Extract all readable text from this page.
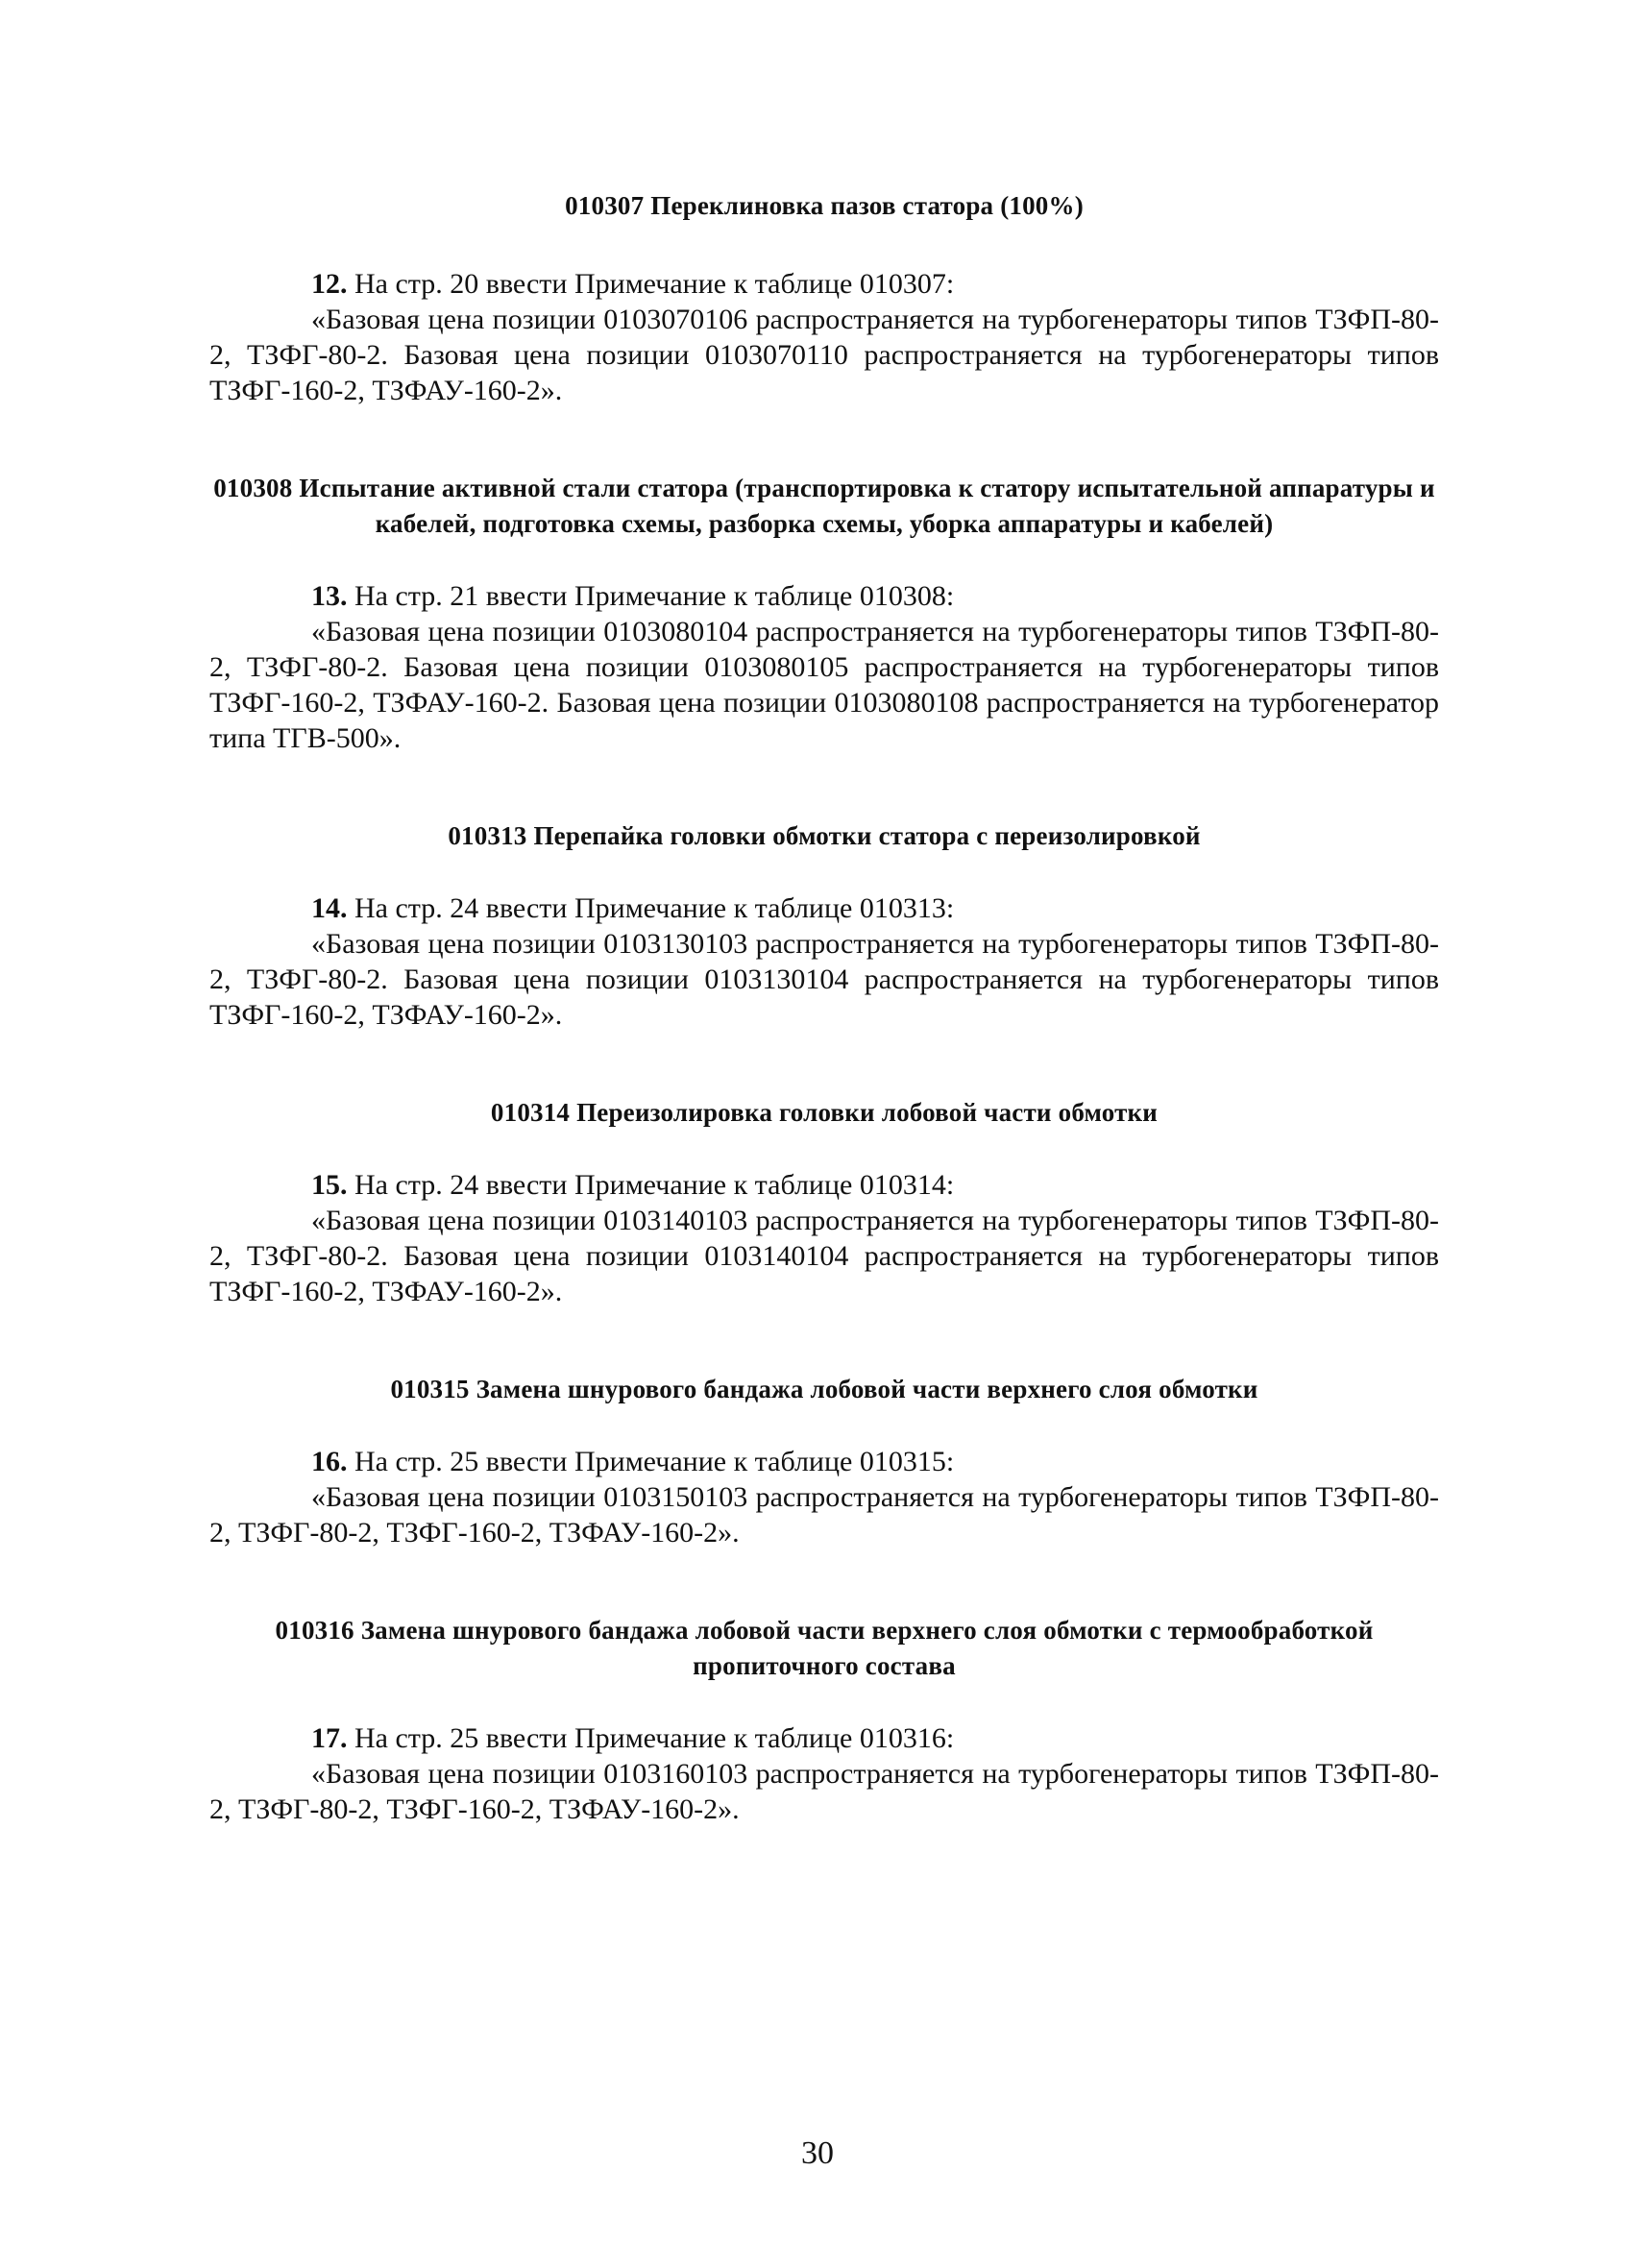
010307 Переклиновка пазов статора (100%)

12. На стр. 20 ввести Примечание к таблице 010307:

«Базовая цена позиции 0103070106 распространяется на турбогенераторы типов ТЗФП-80-2, ТЗФГ-80-2. Базовая цена позиции 0103070110 распространяется на турбогенераторы типов ТЗФГ-160-2, ТЗФАУ-160-2».

010308 Испытание активной стали статора (транспортировка к статору испытательной аппаратуры и кабелей, подготовка схемы, разборка схемы, уборка аппаратуры и кабелей)

13. На стр. 21 ввести Примечание к таблице 010308:

«Базовая цена позиции 0103080104 распространяется на турбогенераторы типов ТЗФП-80-2, ТЗФГ-80-2. Базовая цена позиции 0103080105 распространяется на турбогенераторы типов ТЗФГ-160-2, ТЗФАУ-160-2. Базовая цена позиции 0103080108 распространяется на турбогенератор типа ТГВ-500».

010313 Перепайка головки обмотки статора с переизолировкой

14. На стр. 24 ввести Примечание к таблице 010313:

«Базовая цена позиции 0103130103 распространяется на турбогенераторы типов ТЗФП-80-2, ТЗФГ-80-2. Базовая цена позиции 0103130104 распространяется на турбогенераторы типов ТЗФГ-160-2, ТЗФАУ-160-2».

010314 Переизолировка головки лобовой части обмотки

15. На стр. 24 ввести Примечание к таблице 010314:

«Базовая цена позиции 0103140103 распространяется на турбогенераторы типов ТЗФП-80-2, ТЗФГ-80-2. Базовая цена позиции 0103140104 распространяется на турбогенераторы типов ТЗФГ-160-2, ТЗФАУ-160-2».

010315 Замена шнурового бандажа лобовой части верхнего слоя обмотки

16. На стр. 25 ввести Примечание к таблице 010315:

«Базовая цена позиции 0103150103 распространяется на турбогенераторы типов ТЗФП-80-2, ТЗФГ-80-2, ТЗФГ-160-2, ТЗФАУ-160-2».

010316 Замена шнурового бандажа лобовой части верхнего слоя обмотки с термообработкой пропиточного состава

17. На стр. 25 ввести Примечание к таблице 010316:

«Базовая цена позиции 0103160103 распространяется на турбогенераторы типов ТЗФП-80-2, ТЗФГ-80-2, ТЗФГ-160-2, ТЗФАУ-160-2».

30
